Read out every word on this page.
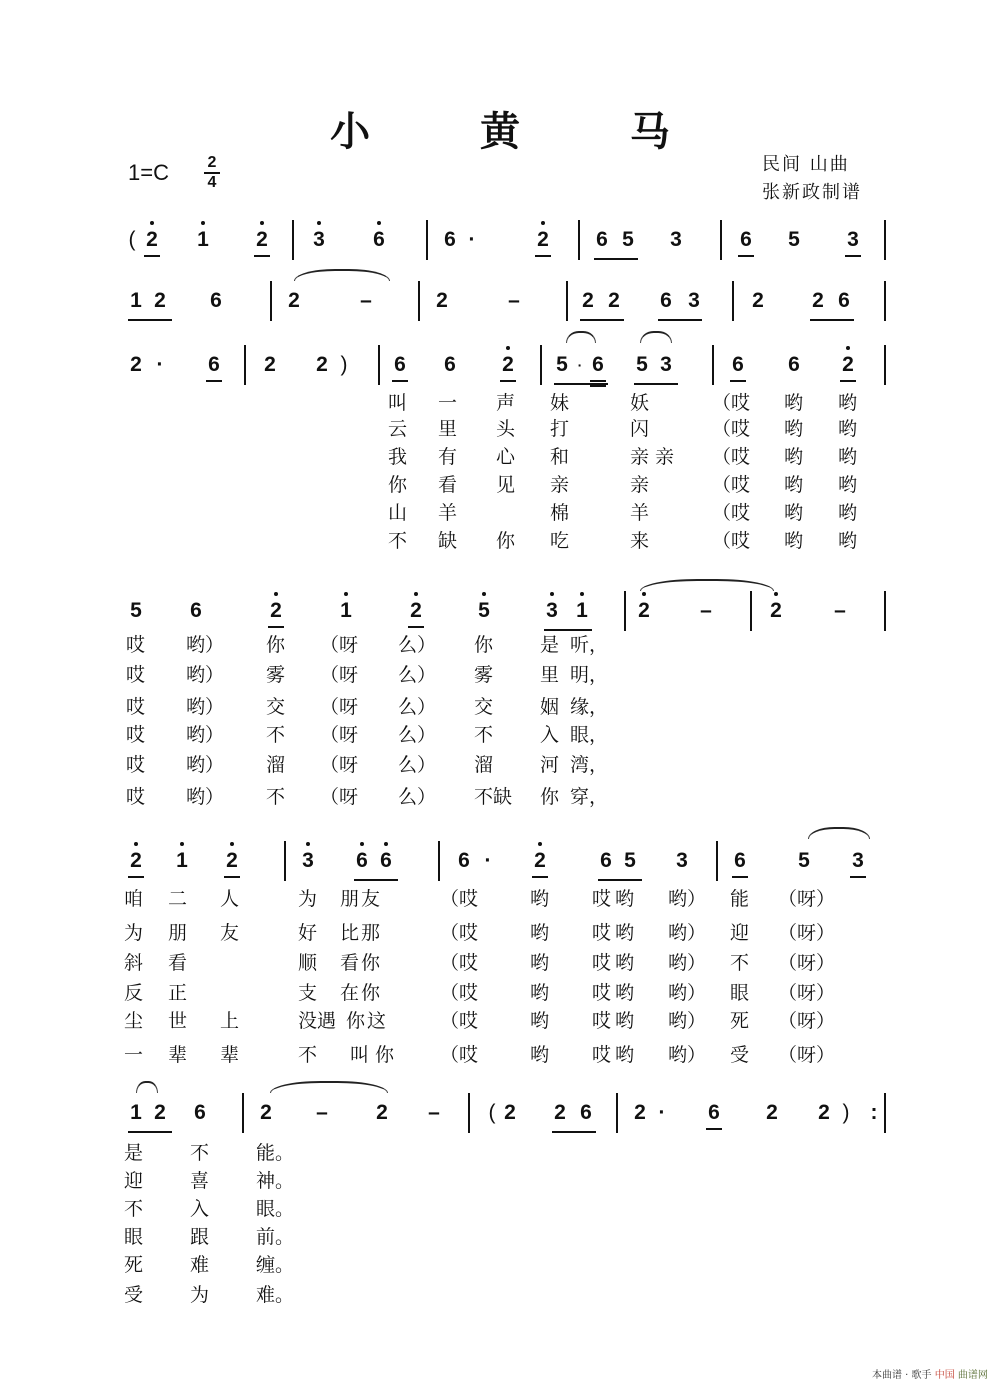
小 黄 马
$1=C \frac{2}{4}$	民间 山曲
张新政制谱
( 2 1 2 3 6	6 ·	2 6 5 3	6 5 3
1 2 6	2	–	2	–	2 2 6 3 2 2 6
2 ·	6 2 2 )	6 6 2 5 · 6 5 3	6 6 2
叫 一 声 妹	妖	（哎 哟 哟
云 里 头 打	闪	（哎 哟 哟
我 有 心 和	亲亲 （哎 哟 哟
你 看 见 亲	亲	（哎 哟 哟
山 羊	棉	羊	（哎 哟 哟
不 缺 你 吃	来	（哎 哟 哟
5 6	2	1	2	5	3 1 2 –	2 –
哎 哟） 你 （呀 么） 你 是 听，
哎 哟） 雾 （呀 么） 雾 里 明，
哎 哟） 交 （呀 么） 交 姻 缘，
哎 哟） 不 （呀 么） 不 入 眼，
哎 哟） 溜 （呀 么） 溜 河 湾，
哎 哟） 不 （呀 么） 不缺 你 穿，
2 1 2	3 6 6	6 ·	2	6 5 3 6 5 3
咱 二 人	为 朋友	（哎	哟 哎哟 哟） 能 （呀）
为 朋 友	好 比那	（哎	哟 哎哟 哟） 迎 （呀）
斜 看	顺 看你	（哎	哟 哎哟 哟） 不 （呀）
反 正	支 在你	（哎	哟 哎哟 哟） 眼 （呀）
尘 世 上	没遇 你这	（哎	哟 哎哟 哟） 死 （呀）
一 辈 辈	不 叫你 （哎	哟 哎哟 哟） 受 （呀）
1 2 6	2 – 2 –	( 2 2 6 2 ·	6 2 2 )	:
是 不 能。
迎 喜 神。
不 入 眼。
眼 跟 前。
死 难 缠。
受 为 难。
本曲谱 · 歌手 中国 曲谱网
